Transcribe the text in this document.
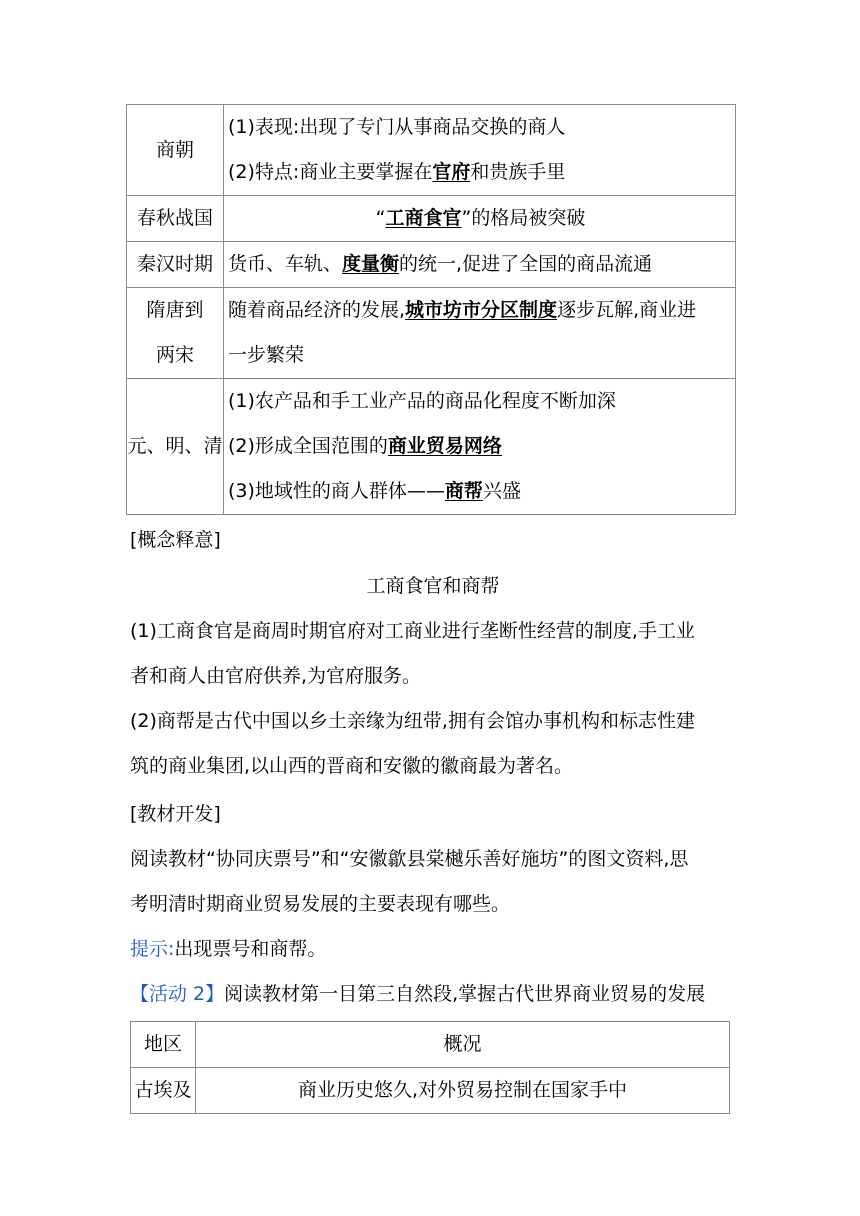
商朝	(1)表现:出现了专门从事商品交换的商人
(2)特点:商业主要掌握在官府和贵族手里

春秋战国	“工商食官”的格局被突破

秦汉时期	货币、车轨、度量衡的统一,促进了全国的商品流通

隋唐到
两宋	随着商品经济的发展,城市坊市分区制度逐步瓦解,商业进
一步繁荣

元、明、清	(1)农产品和手工业产品的商品化程度不断加深
(2)形成全国范围的商业贸易网络
(3)地域性的商人群体——商帮兴盛
[概念释意]
工商食官和商帮
(1)工商食官是商周时期官府对工商业进行垄断性经营的制度,手工业
者和商人由官府供养,为官府服务。
(2)商帮是古代中国以乡土亲缘为纽带,拥有会馆办事机构和标志性建
筑的商业集团,以山西的晋商和安徽的徽商最为著名。
[教材开发]
阅读教材“协同庆票号”和“安徽歙县棠樾乐善好施坊”的图文资料,思
考明清时期商业贸易发展的主要表现有哪些。
提示:出现票号和商帮。
【活动 2】阅读教材第一目第三自然段,掌握古代世界商业贸易的发展
地区	概况
古埃及	商业历史悠久,对外贸易控制在国家手中
